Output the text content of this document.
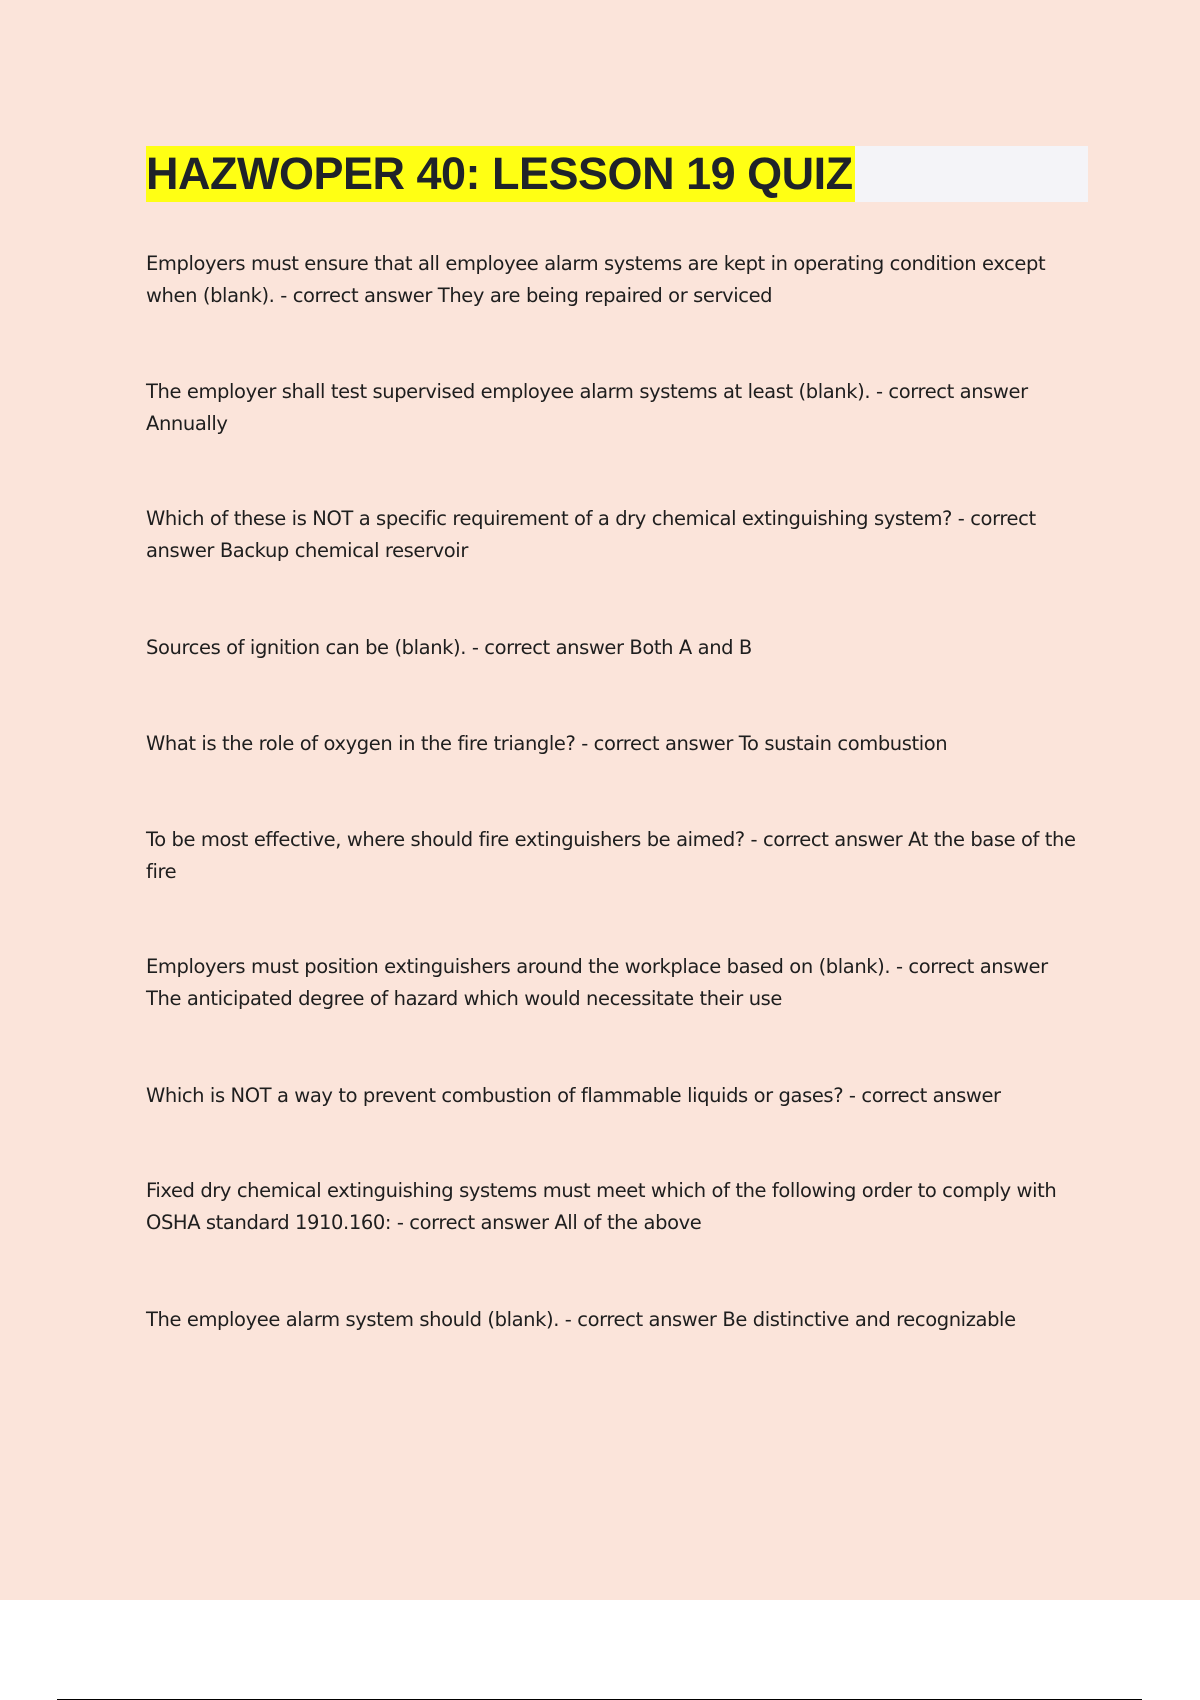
HAZWOPER 40: LESSON 19 QUIZ

Employers must ensure that all employee alarm systems are kept in operating condition except when (blank). - correct answer They are being repaired or serviced

The employer shall test supervised employee alarm systems at least (blank). - correct answer Annually

Which of these is NOT a specific requirement of a dry chemical extinguishing system? - correct answer Backup chemical reservoir

Sources of ignition can be (blank). - correct answer Both A and B

What is the role of oxygen in the fire triangle? - correct answer To sustain combustion

To be most effective, where should fire extinguishers be aimed? - correct answer At the base of the fire

Employers must position extinguishers around the workplace based on (blank). - correct answer The anticipated degree of hazard which would necessitate their use

Which is NOT a way to prevent combustion of flammable liquids or gases? - correct answer

Fixed dry chemical extinguishing systems must meet which of the following order to comply with OSHA standard 1910.160: - correct answer All of the above

The employee alarm system should (blank). - correct answer Be distinctive and recognizable
